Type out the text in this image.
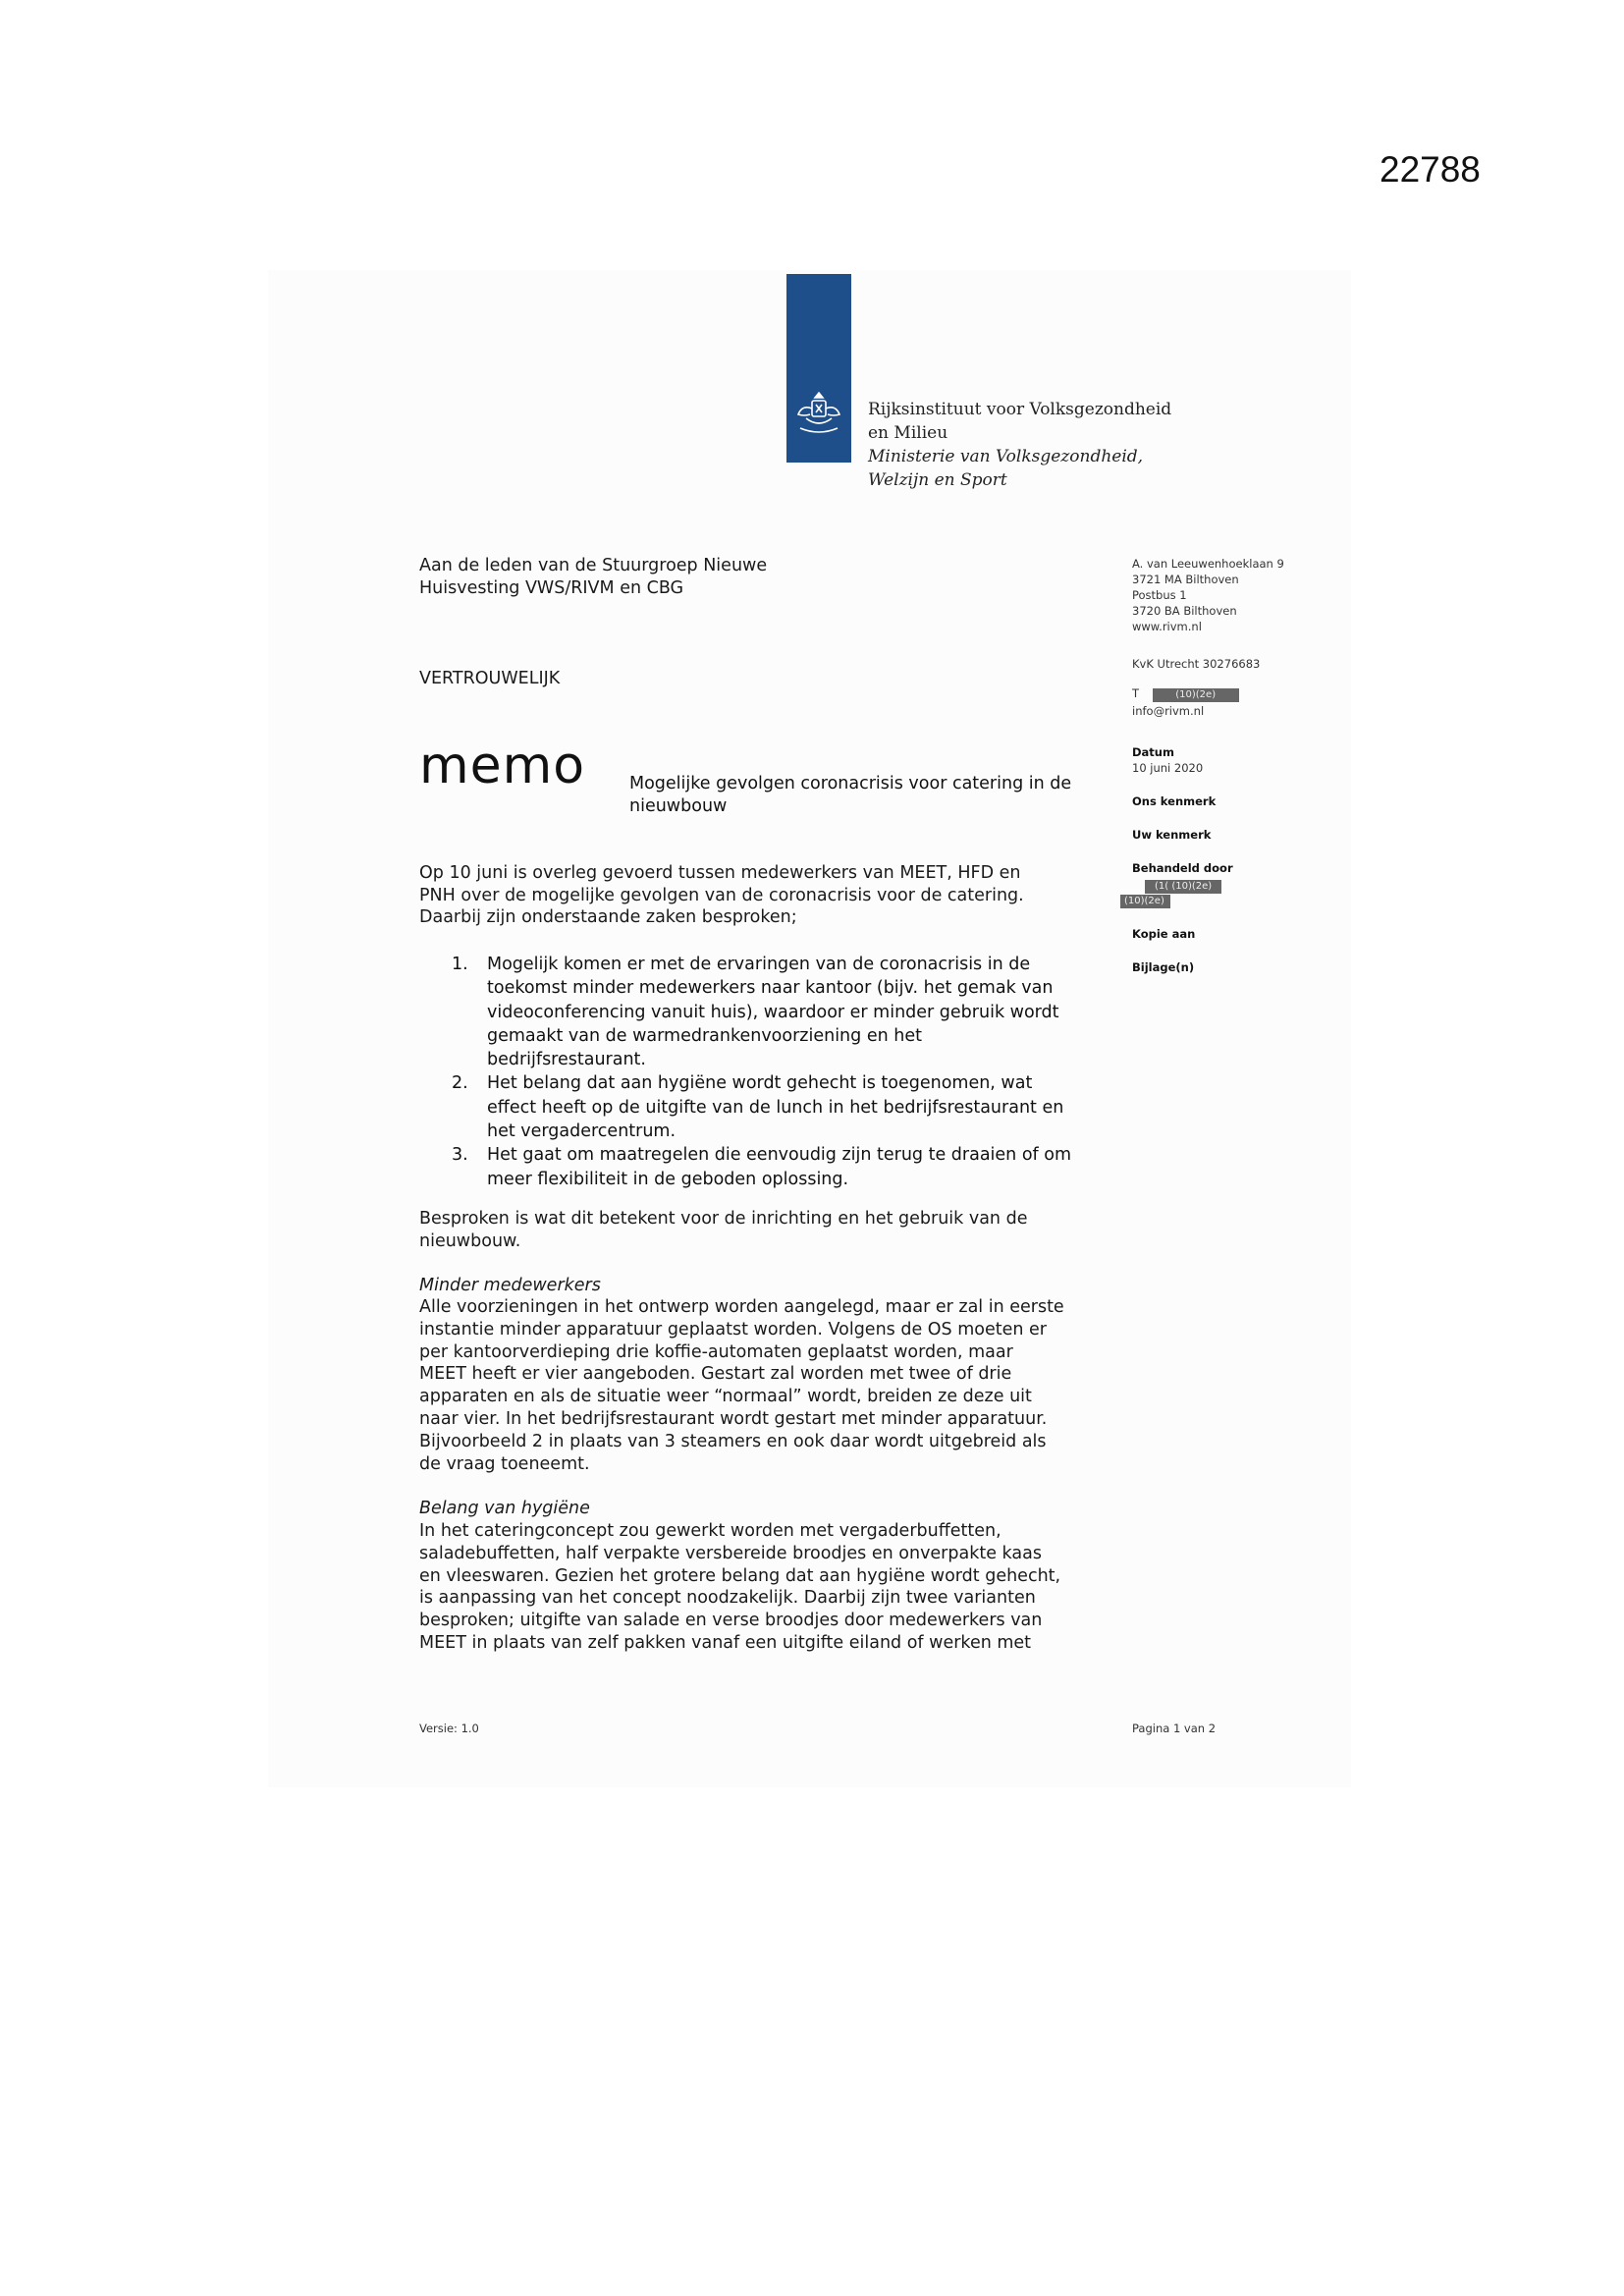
22788
Rijksinstituut voor Volksgezondheid
en Milieu
Ministerie van Volksgezondheid,
Welzijn en Sport
Aan de leden van de Stuurgroep Nieuwe
Huisvesting VWS/RIVM en CBG
VERTROUWELIJK
memo	Mogelijke gevolgen coronacrisis voor catering in de
nieuwbouw
Op 10 juni is overleg gevoerd tussen medewerkers van MEET, HFD en
PNH over de mogelijke gevolgen van de coronacrisis voor de catering.
Daarbij zijn onderstaande zaken besproken;
1. Mogelijk komen er met de ervaringen van de coronacrisis in de
toekomst minder medewerkers naar kantoor (bijv. het gemak van
videoconferencing vanuit huis), waardoor er minder gebruik wordt
gemaakt van de warmedrankenvoorziening en het
bedrijfsrestaurant.
2. Het belang dat aan hygiëne wordt gehecht is toegenomen, wat
effect heeft op de uitgifte van de lunch in het bedrijfsrestaurant en
het vergadercentrum.
3. Het gaat om maatregelen die eenvoudig zijn terug te draaien of om
meer flexibiliteit in de geboden oplossing.
Besproken is wat dit betekent voor de inrichting en het gebruik van de
nieuwbouw.
Minder medewerkers
Alle voorzieningen in het ontwerp worden aangelegd, maar er zal in eerste
instantie minder apparatuur geplaatst worden. Volgens de OS moeten er
per kantoorverdieping drie koffie-automaten geplaatst worden, maar
MEET heeft er vier aangeboden. Gestart zal worden met twee of drie
apparaten en als de situatie weer “normaal” wordt, breiden ze deze uit
naar vier. In het bedrijfsrestaurant wordt gestart met minder apparatuur.
Bijvoorbeeld 2 in plaats van 3 steamers en ook daar wordt uitgebreid als
de vraag toeneemt.
Belang van hygiëne
In het cateringconcept zou gewerkt worden met vergaderbuffetten,
saladebuffetten, half verpakte versbereide broodjes en onverpakte kaas
en vleeswaren. Gezien het grotere belang dat aan hygiëne wordt gehecht,
is aanpassing van het concept noodzakelijk. Daarbij zijn twee varianten
besproken; uitgifte van salade en verse broodjes door medewerkers van
MEET in plaats van zelf pakken vanaf een uitgifte eiland of werken met
A. van Leeuwenhoeklaan 9
3721 MA Bilthoven
Postbus 1
3720 BA Bilthoven
www.rivm.nl
KvK Utrecht 30276683
T	(10)(2e)
info@rivm.nl
Datum
10 juni 2020
Ons kenmerk
Uw kenmerk
Behandeld door
(1( (10)(2e)
(10)(2e)
Kopie aan
Bijlage(n)
Versie: 1.0	Pagina 1 van 2
